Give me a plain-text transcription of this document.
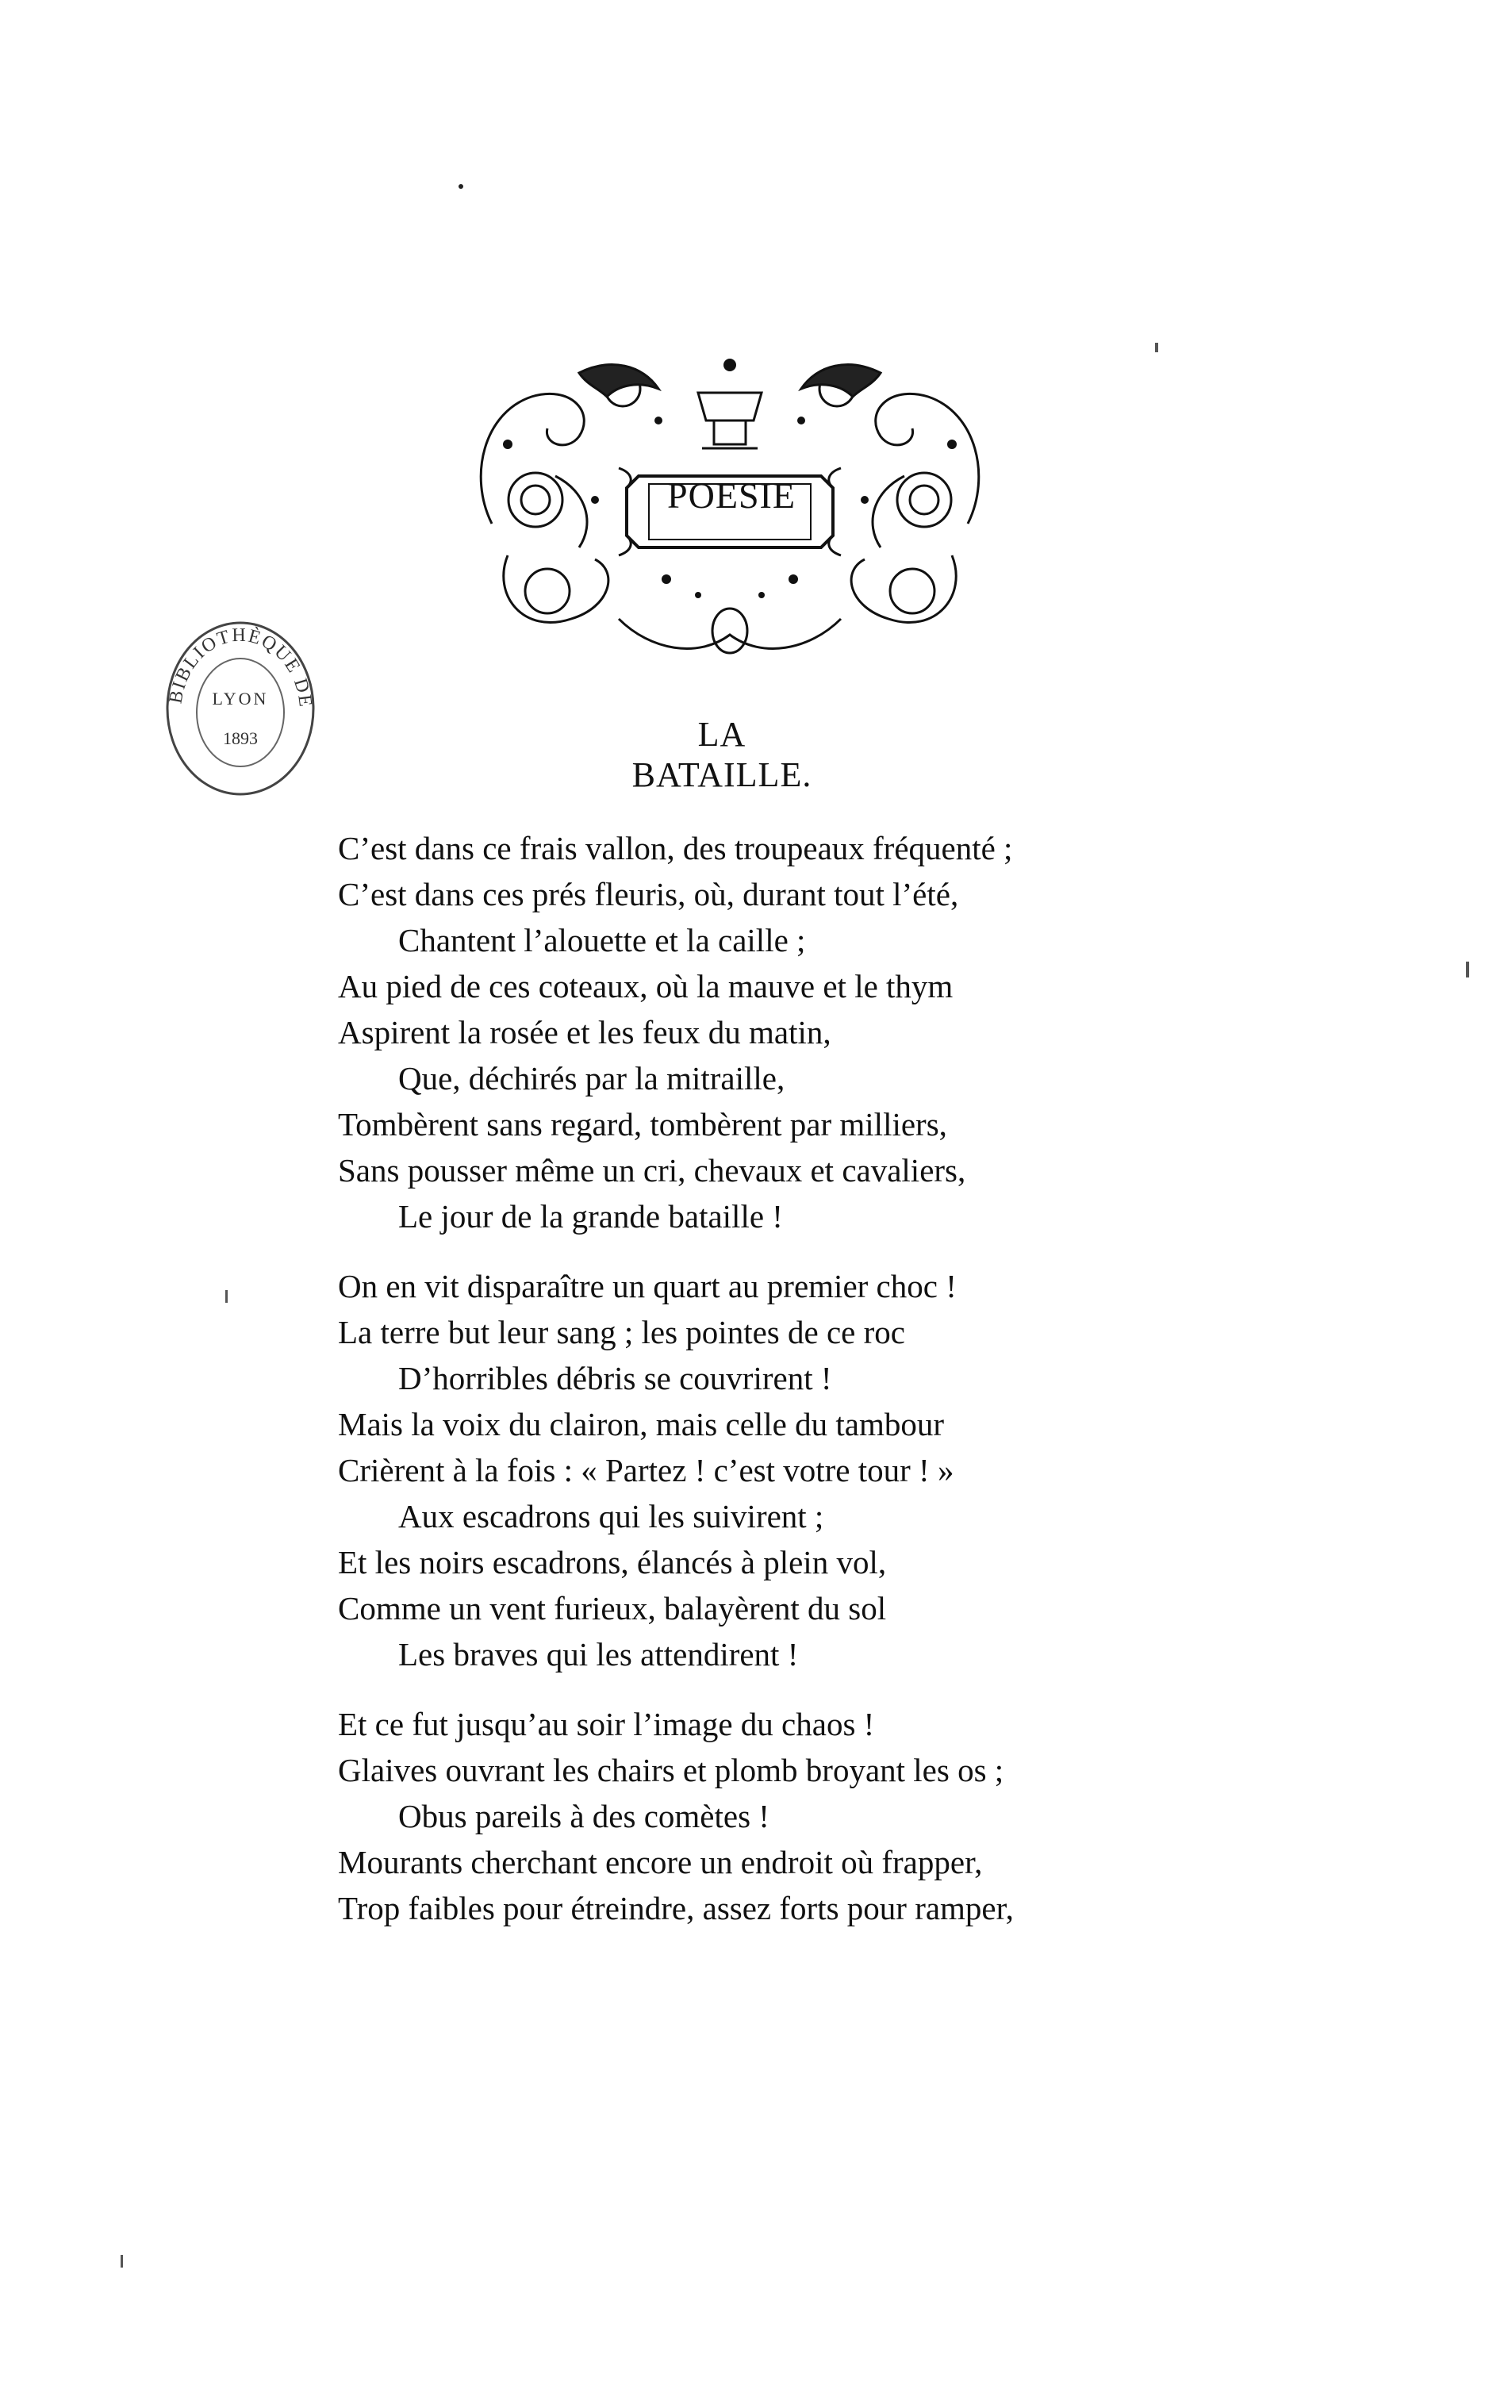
POESIE
BIBLIOTHÈQUE DE
LYON
1893	LA BATAILLE.
C’est dans ce frais vallon, des troupeaux fréquenté ;
C’est dans ces prés fleuris, où, durant tout l’été,
Chantent l’alouette et la caille ;
Au pied de ces coteaux, où la mauve et le thym
Aspirent la rosée et les feux du matin,
Que, déchirés par la mitraille,
Tombèrent sans regard, tombèrent par milliers,
Sans pousser même un cri, chevaux et cavaliers,
Le jour de la grande bataille !
On en vit disparaître un quart au premier choc !
La terre but leur sang ; les pointes de ce roc
D’horribles débris se couvrirent !
Mais la voix du clairon, mais celle du tambour
Crièrent à la fois : « Partez ! c’est votre tour ! »
Aux escadrons qui les suivirent ;
Et les noirs escadrons, élancés à plein vol,
Comme un vent furieux, balayèrent du sol
Les braves qui les attendirent !
Et ce fut jusqu’au soir l’image du chaos !
Glaives ouvrant les chairs et plomb broyant les os ;
Obus pareils à des comètes !
Mourants cherchant encore un endroit où frapper,
Trop faibles pour étreindre, assez forts pour ramper,
